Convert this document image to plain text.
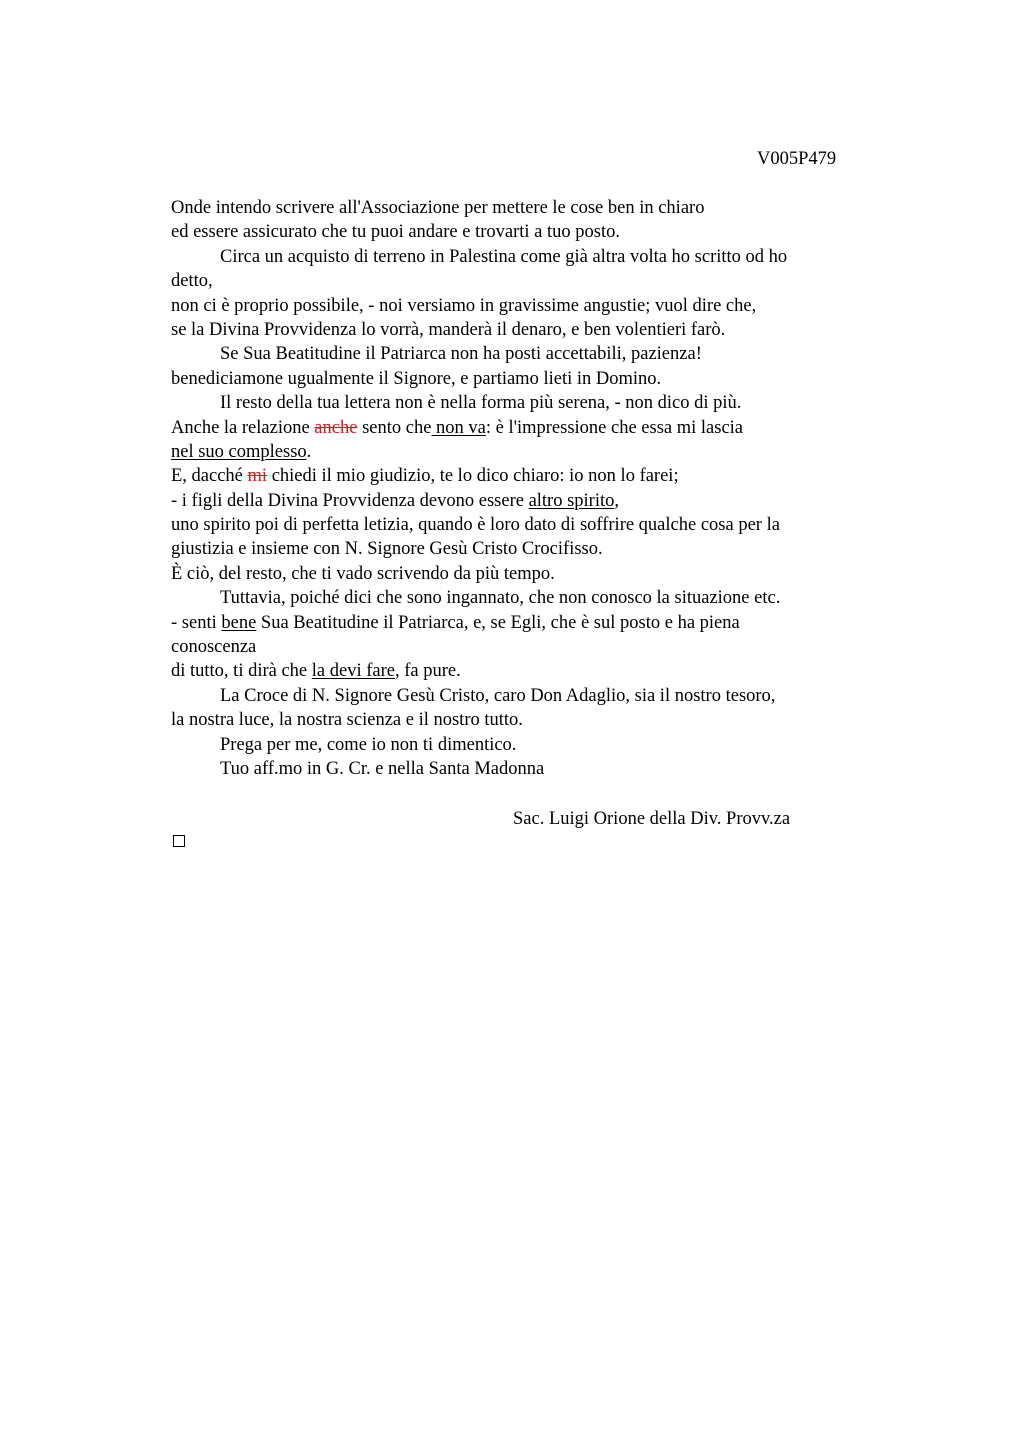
V005P479
Onde intendo scrivere all'Associazione per mettere le cose ben in chiaro
ed essere assicurato che tu puoi andare e trovarti a tuo posto.
Circa un acquisto di terreno in Palestina come già altra volta ho scritto od ho
detto,
non ci è proprio possibile, - noi versiamo in gravissime angustie; vuol dire che,
se la Divina Provvidenza lo vorrà, manderà il denaro, e ben volentieri farò.
Se Sua Beatitudine il Patriarca non ha posti accettabili, pazienza!
benediciamone ugualmente il Signore, e partiamo lieti in Domino.
Il resto della tua lettera non è nella forma più serena, - non dico di più.
Anche la relazione anche sento che non va: è l'impressione che essa mi lascia
nel suo complesso.
E, dacché mi chiedi il mio giudizio, te lo dico chiaro: io non lo farei;
- i figli della Divina Provvidenza devono essere altro spirito,
uno spirito poi di perfetta letizia, quando è loro dato di soffrire qualche cosa per la
giustizia e insieme con N. Signore Gesù Cristo Crocifisso.
È ciò, del resto, che ti vado scrivendo da più tempo.
Tuttavia, poiché dici che sono ingannato, che non conosco la situazione etc.
- senti bene Sua Beatitudine il Patriarca, e, se Egli, che è sul posto e ha piena
conoscenza
di tutto, ti dirà che la devi fare, fa pure.
La Croce di N. Signore Gesù Cristo, caro Don Adaglio, sia il nostro tesoro,
la nostra luce, la nostra scienza e il nostro tutto.
Prega per me, come io non ti dimentico.
Tuo aff.mo in G. Cr. e nella Santa Madonna
Sac. Luigi Orione della Div. Provv.za
